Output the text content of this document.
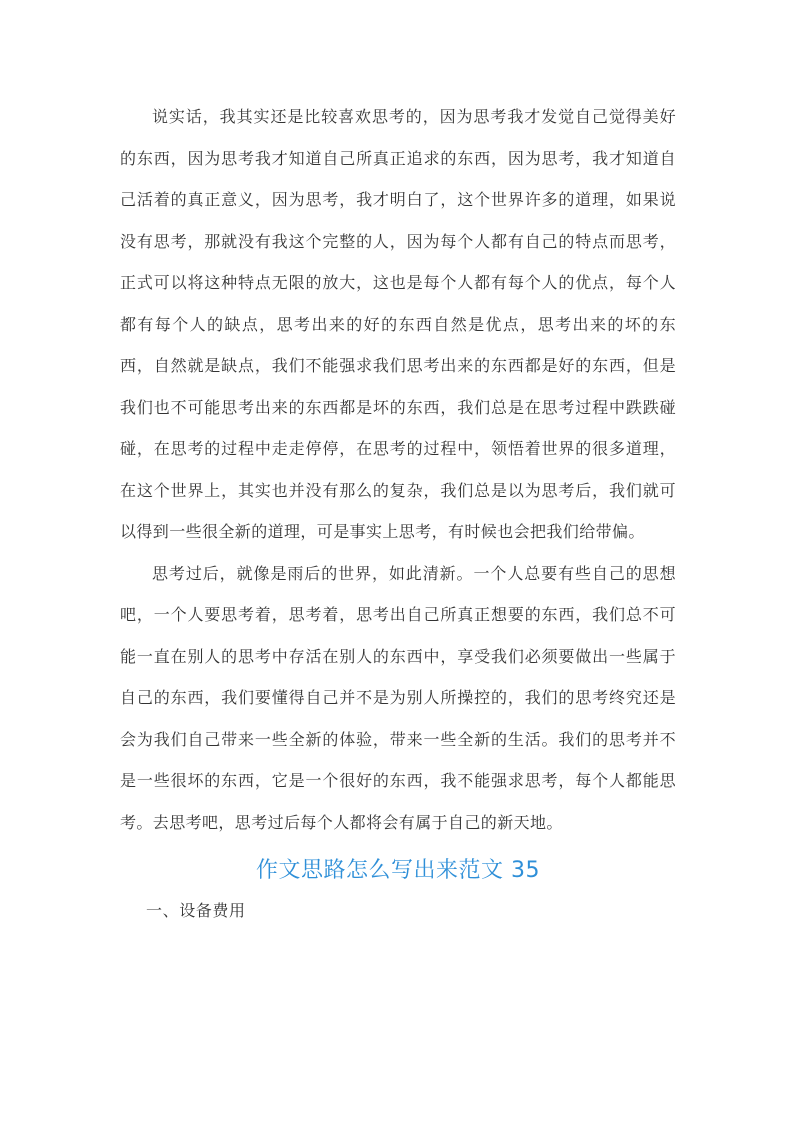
说实话，我其实还是比较喜欢思考的，因为思考我才发觉自己觉得美好的东西，因为思考我才知道自己所真正追求的东西，因为思考，我才知道自己活着的真正意义，因为思考，我才明白了，这个世界许多的道理，如果说没有思考，那就没有我这个完整的人，因为每个人都有自己的特点而思考，正式可以将这种特点无限的放大，这也是每个人都有每个人的优点，每个人都有每个人的缺点，思考出来的好的东西自然是优点，思考出来的坏的东西，自然就是缺点，我们不能强求我们思考出来的东西都是好的东西，但是我们也不可能思考出来的东西都是坏的东西，我们总是在思考过程中跌跌碰碰，在思考的过程中走走停停，在思考的过程中，领悟着世界的很多道理，在这个世界上，其实也并没有那么的复杂，我们总是以为思考后，我们就可以得到一些很全新的道理，可是事实上思考，有时候也会把我们给带偏。

思考过后，就像是雨后的世界，如此清新。一个人总要有些自己的思想吧，一个人要思考着，思考着，思考出自己所真正想要的东西，我们总不可能一直在别人的思考中存活在别人的东西中，享受我们必须要做出一些属于自己的东西，我们要懂得自己并不是为别人所操控的，我们的思考终究还是会为我们自己带来一些全新的体验，带来一些全新的生活。我们的思考并不是一些很坏的东西，它是一个很好的东西，我不能强求思考，每个人都能思考。去思考吧，思考过后每个人都将会有属于自己的新天地。

作文思路怎么写出来范文 35

一、设备费用
